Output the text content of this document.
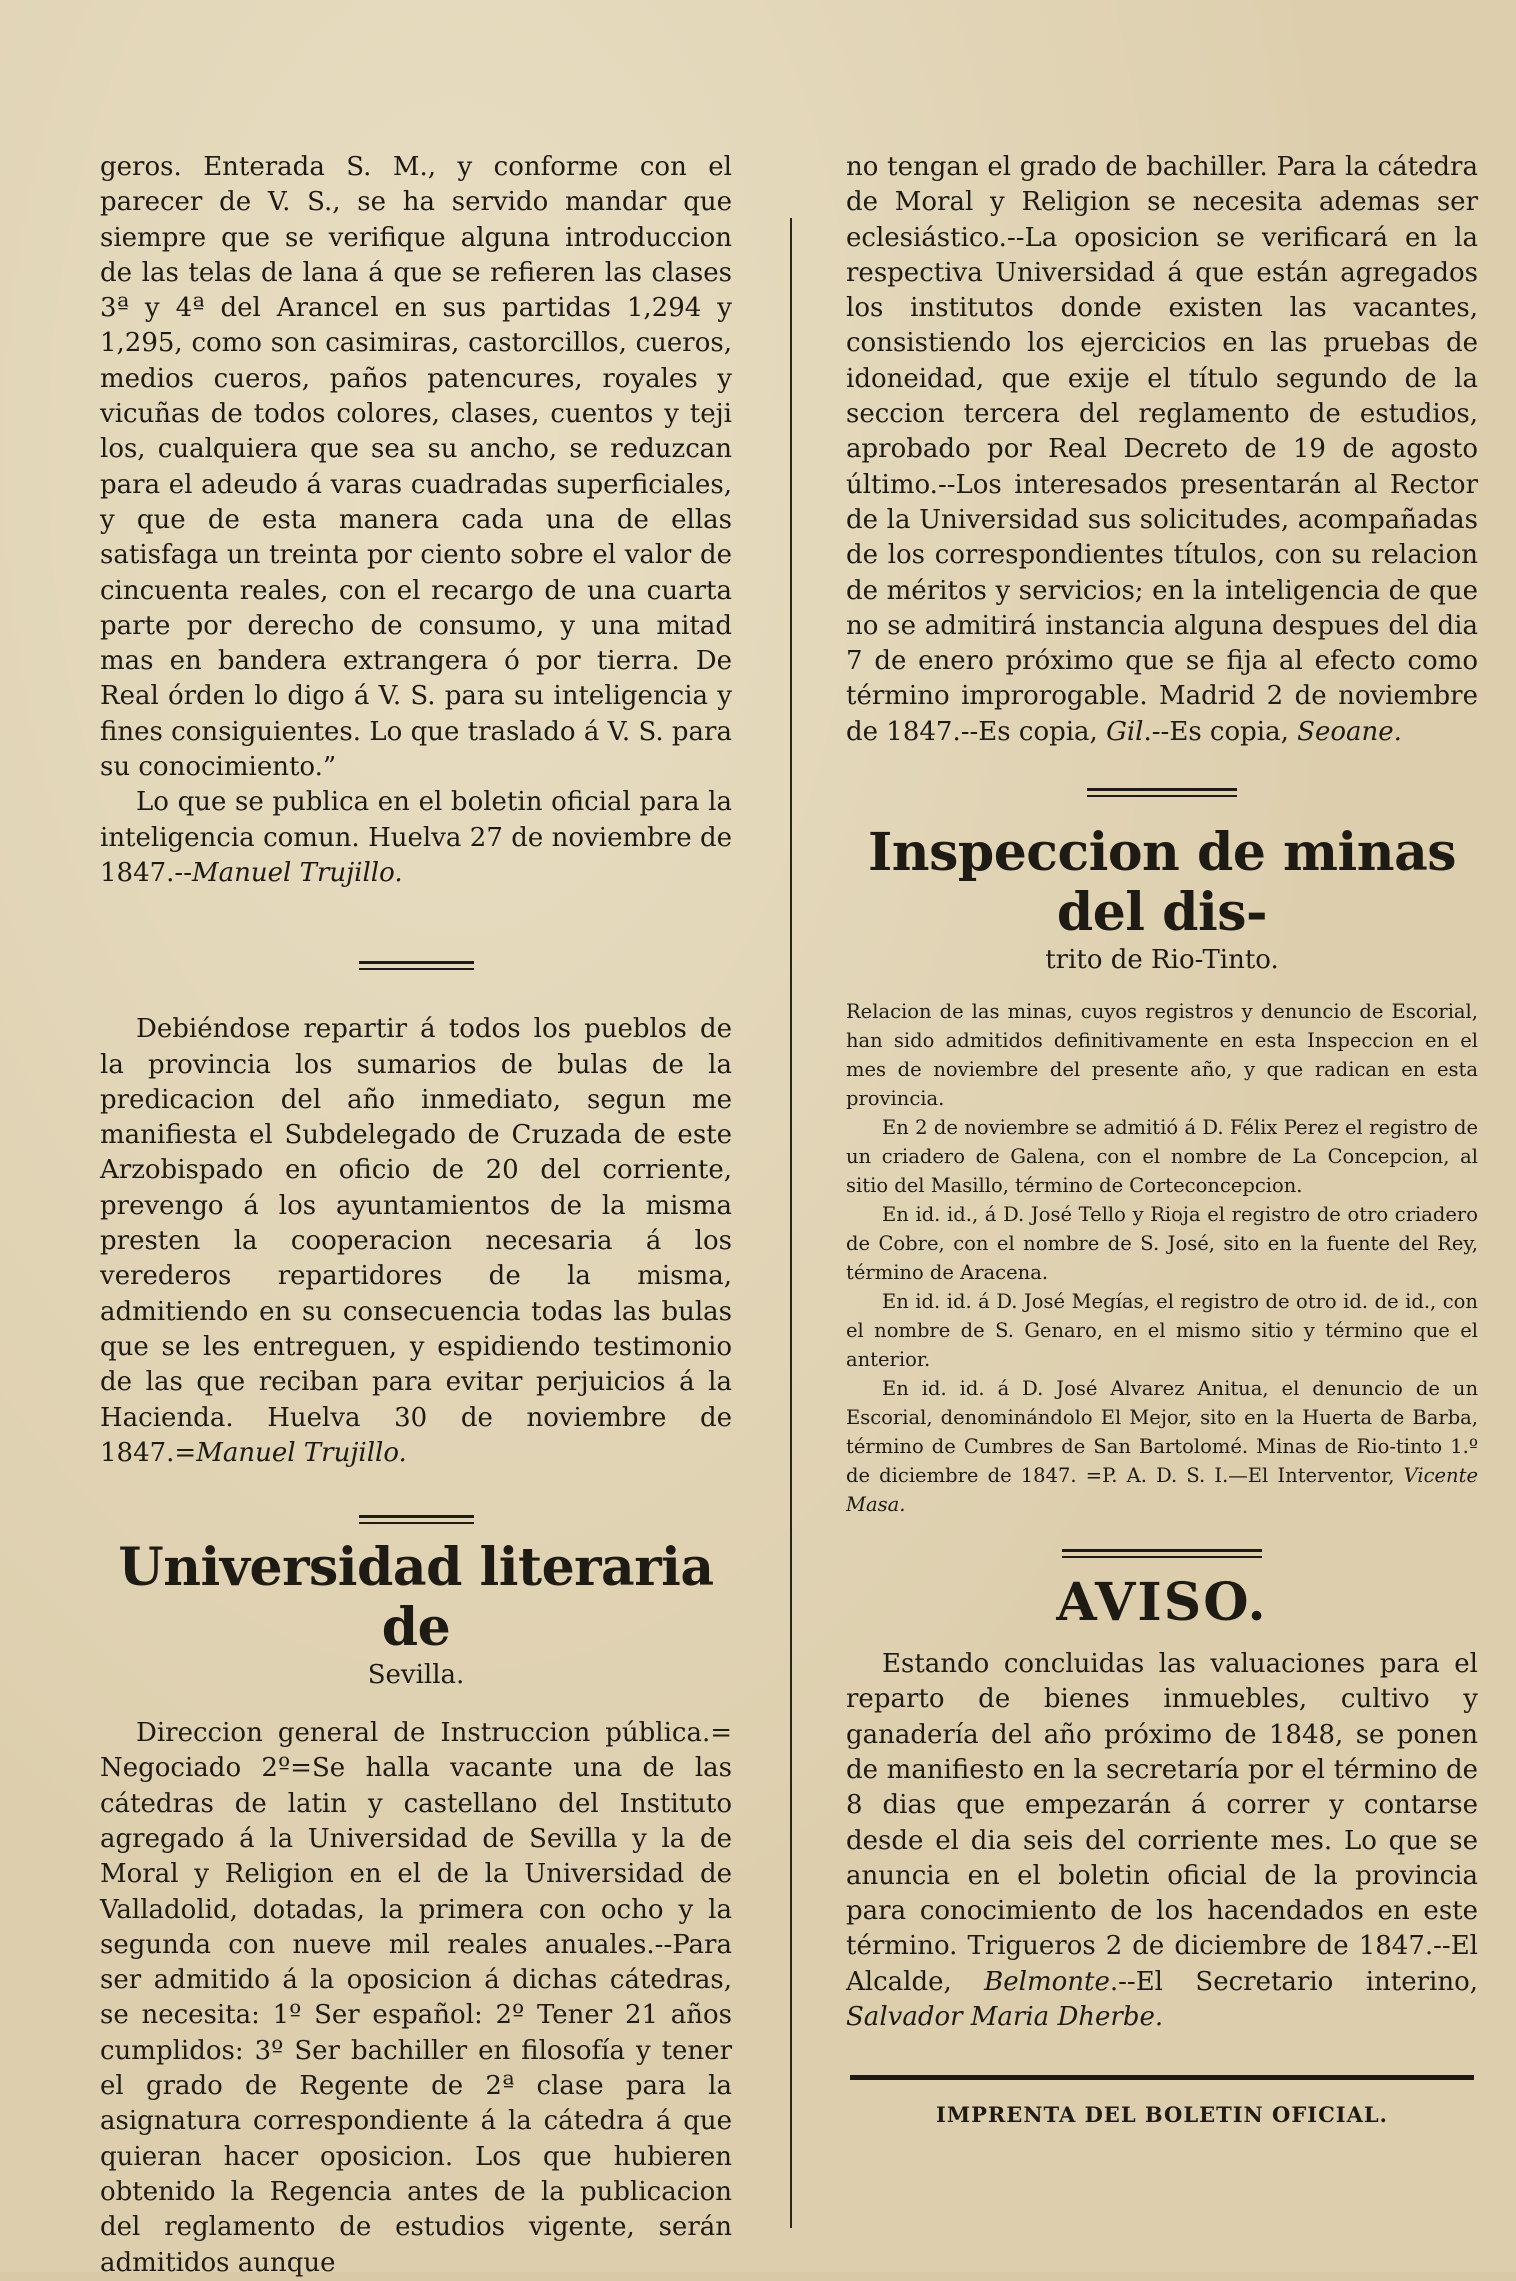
geros. Enterada S. M., y conforme con el parecer de V. S., se ha servido mandar que siempre que se verifique alguna introduccion de las telas de lana á que se refieren las clases 3ª y 4ª del Arancel en sus partidas 1,294 y 1,295, como son casimiras, castorcillos, cueros, medios cueros, paños patencures, royales y vicuñas de todos colores, clases, cuentos y teji los, cualquiera que sea su ancho, se reduzcan para el adeudo á varas cuadradas superficiales, y que de esta manera cada una de ellas satisfaga un treinta por ciento sobre el valor de cincuenta reales, con el recargo de una cuarta parte por derecho de consumo, y una mitad mas en bandera extrangera ó por tierra. De Real órden lo digo á V. S. para su inteligencia y fines consiguientes. Lo que traslado á V. S. para su conocimiento.”

Lo que se publica en el boletin oficial para la inteligencia comun. Huelva 27 de noviembre de 1847.--Manuel Trujillo.

Debiéndose repartir á todos los pueblos de la provincia los sumarios de bulas de la predicacion del año inmediato, segun me manifiesta el Subdelegado de Cruzada de este Arzobispado en oficio de 20 del corriente, prevengo á los ayuntamientos de la misma presten la cooperacion necesaria á los verederos repartidores de la misma, admitiendo en su consecuencia todas las bulas que se les entreguen, y espidiendo testimonio de las que reciban para evitar perjuicios á la Hacienda. Huelva 30 de noviembre de 1847.=Manuel Trujillo.

Universidad literaria de
Sevilla.

Direccion general de Instruccion pública.= Negociado 2º=Se halla vacante una de las cátedras de latin y castellano del Instituto agregado á la Universidad de Sevilla y la de Moral y Religion en el de la Universidad de Valladolid, dotadas, la primera con ocho y la segunda con nueve mil reales anuales.--Para ser admitido á la oposicion á dichas cátedras, se necesita: 1º Ser español: 2º Tener 21 años cumplidos: 3º Ser bachiller en filosofía y tener el grado de Regente de 2ª clase para la asignatura correspondiente á la cátedra á que quieran hacer oposicion. Los que hubieren obtenido la Regencia antes de la publicacion del reglamento de estudios vigente, serán admitidos aunque

no tengan el grado de bachiller. Para la cátedra de Moral y Religion se necesita ademas ser eclesiástico.--La oposicion se verificará en la respectiva Universidad á que están agregados los institutos donde existen las vacantes, consistiendo los ejercicios en las pruebas de idoneidad, que exije el título segundo de la seccion tercera del reglamento de estudios, aprobado por Real Decreto de 19 de agosto último.--Los interesados presentarán al Rector de la Universidad sus solicitudes, acompañadas de los correspondientes títulos, con su relacion de méritos y servicios; en la inteligencia de que no se admitirá instancia alguna despues del dia 7 de enero próximo que se fija al efecto como término improrogable. Madrid 2 de noviembre de 1847.--Es copia, Gil.--Es copia, Seoane.

Inspeccion de minas del dis-
trito de Rio-Tinto.

Relacion de las minas, cuyos registros y denuncio de Escorial, han sido admitidos definitivamente en esta Inspeccion en el mes de noviembre del presente año, y que radican en esta provincia.

En 2 de noviembre se admitió á D. Félix Perez el registro de un criadero de Galena, con el nombre de La Concepcion, al sitio del Masillo, término de Corteconcepcion.

En id. id., á D. José Tello y Rioja el registro de otro criadero de Cobre, con el nombre de S. José, sito en la fuente del Rey, término de Aracena.

En id. id. á D. José Megías, el registro de otro id. de id., con el nombre de S. Genaro, en el mismo sitio y término que el anterior.

En id. id. á D. José Alvarez Anitua, el denuncio de un Escorial, denominándolo El Mejor, sito en la Huerta de Barba, término de Cumbres de San Bartolomé. Minas de Rio-tinto 1.º de diciembre de 1847. =P. A. D. S. I.—El Interventor, Vicente Masa.

AVISO.

Estando concluidas las valuaciones para el reparto de bienes inmuebles, cultivo y ganadería del año próximo de 1848, se ponen de manifiesto en la secretaría por el término de 8 dias que empezarán á correr y contarse desde el dia seis del corriente mes. Lo que se anuncia en el boletin oficial de la provincia para conocimiento de los hacendados en este término. Trigueros 2 de diciembre de 1847.--El Alcalde, Belmonte.--El Secretario interino, Salvador Maria Dherbe.

IMPRENTA DEL BOLETIN OFICIAL.
